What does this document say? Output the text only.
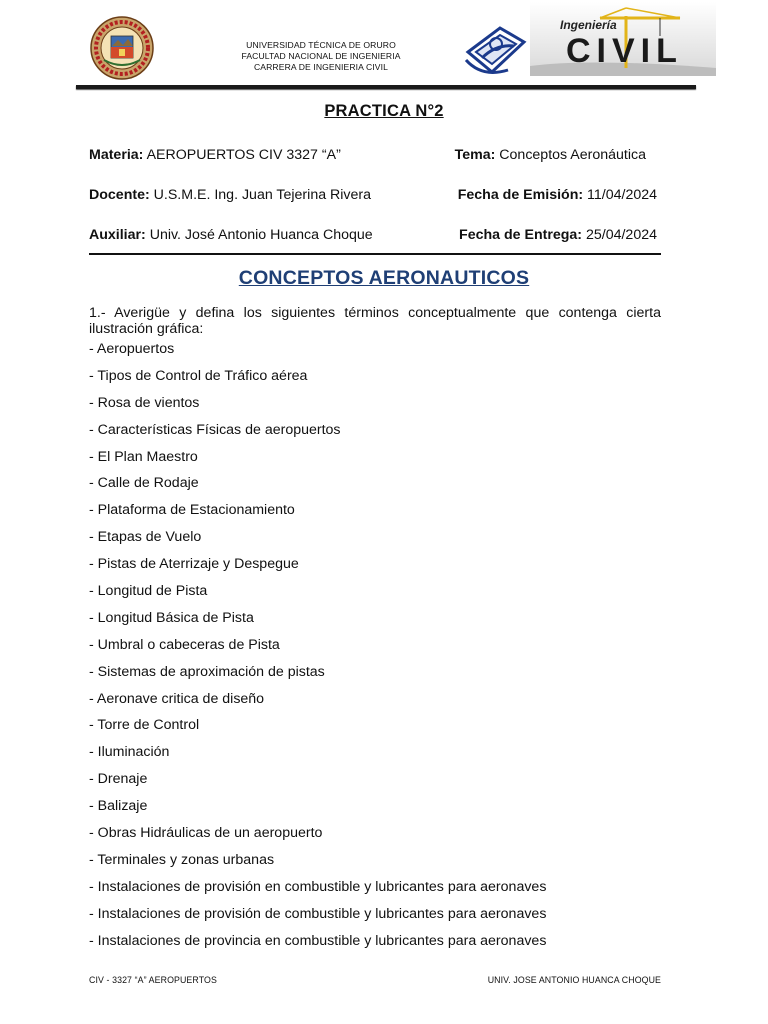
UNIVERSIDAD TÉCNICA DE ORURO
FACULTAD NACIONAL DE INGENIERIA
CARRERA DE INGENIERIA CIVIL
Ingeniería
CIVIL
PRACTICA N°2
Materia: AEROPUERTOS CIV 3327 “A”	Tema: Conceptos Aeronáutica
Docente: U.S.M.E. Ing. Juan Tejerina Rivera	Fecha de Emisión: 11/04/2024
Auxiliar: Univ. José Antonio Huanca Choque	Fecha de Entrega: 25/04/2024
CONCEPTOS AERONAUTICOS
1.- Averigüe y defina los siguientes términos conceptualmente que contenga cierta ilustración gráfica:
- Aeropuertos
- Tipos de Control de Tráfico aérea
- Rosa de vientos
- Características Físicas de aeropuertos
- El Plan Maestro
- Calle de Rodaje
- Plataforma de Estacionamiento
- Etapas de Vuelo
- Pistas de Aterrizaje y Despegue
- Longitud de Pista
- Longitud Básica de Pista
- Umbral o cabeceras de Pista
- Sistemas de aproximación de pistas
- Aeronave critica de diseño
- Torre de Control
- Iluminación
- Drenaje
- Balizaje
- Obras Hidráulicas de un aeropuerto
- Terminales y zonas urbanas
- Instalaciones de provisión en combustible y lubricantes para aeronaves
- Instalaciones de provisión de combustible y lubricantes para aeronaves
- Instalaciones de provincia en combustible y lubricantes para aeronaves
CIV - 3327 “A” AEROPUERTOS	UNIV. JOSE ANTONIO HUANCA CHOQUE
